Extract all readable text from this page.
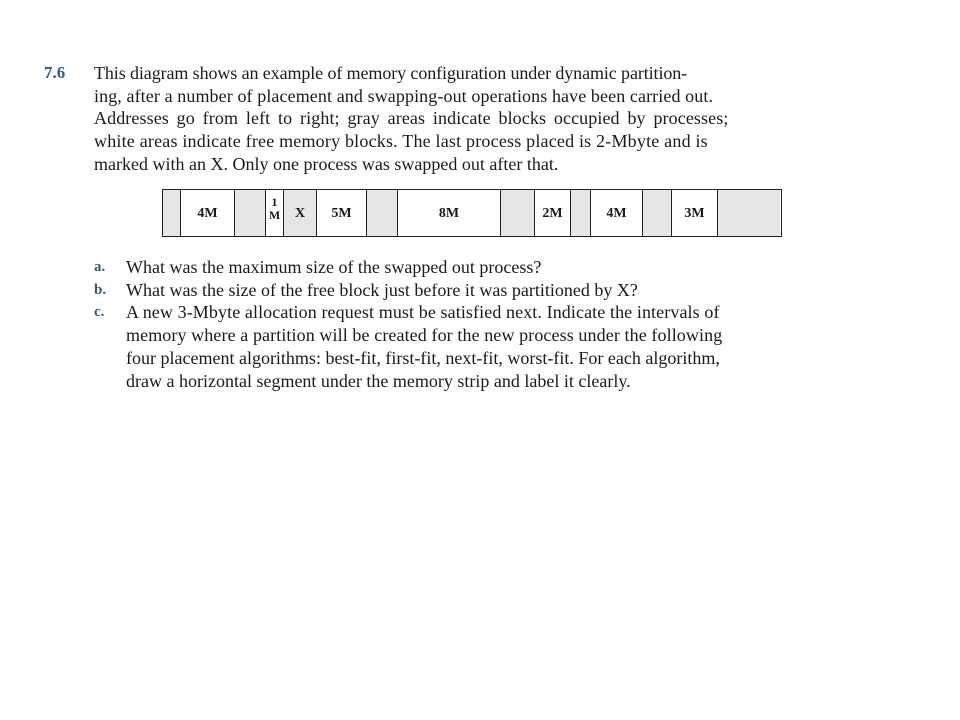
7.6 This diagram shows an example of memory configuration under dynamic partition-
ing, after a number of placement and swapping-out operations have been carried out.
Addresses go from left to right; gray areas indicate blocks occupied by processes;
white areas indicate free memory blocks. The last process placed is 2-Mbyte and is
marked with an X. Only one process was swapped out after that.
4M
1
M	X	5M	8M	2M	4M	3M
a. What was the maximum size of the swapped out process?
b. What was the size of the free block just before it was partitioned by X?
c. A new 3-Mbyte allocation request must be satisfied next. Indicate the intervals of
memory where a partition will be created for the new process under the following
four placement algorithms: best-fit, first-fit, next-fit, worst-fit. For each algorithm,
draw a horizontal segment under the memory strip and label it clearly.
